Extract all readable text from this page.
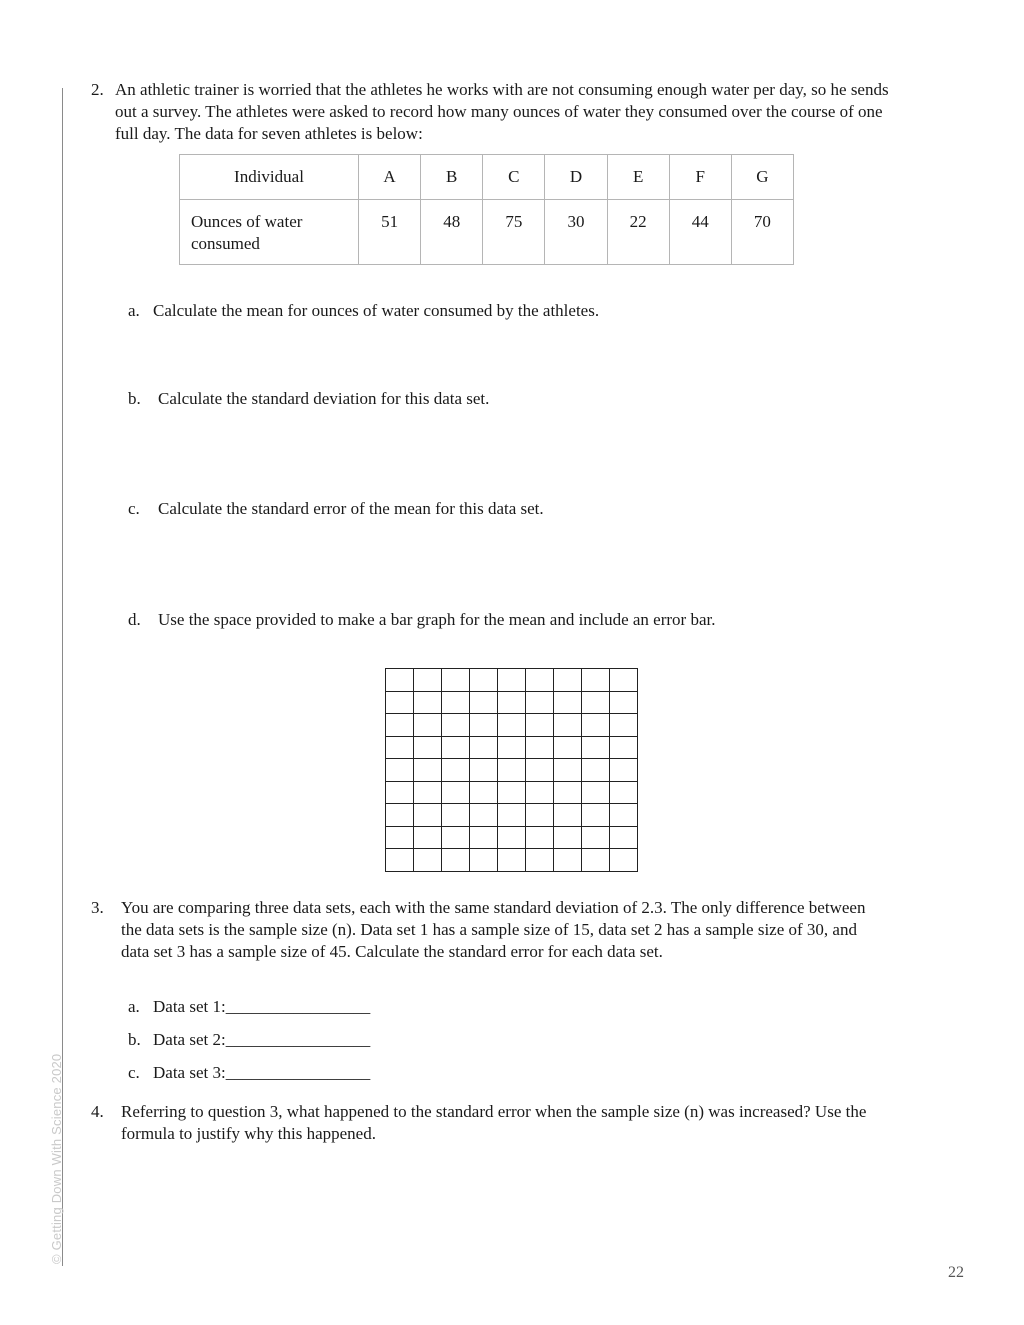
© Getting Down With Science 2020
2. An athletic trainer is worried that the athletes he works with are not consuming enough water per day, so he sends

out a survey. The athletes were asked to record how many ounces of water they consumed over the course of one

full day. The data for seven athletes is below:

Individual	A	B	C	D	E	F	G
Ounces of water
consumed	51	48	75	30	22	44	70
a. Calculate the mean for ounces of water consumed by the athletes.
b. Calculate the standard deviation for this data set.
c. Calculate the standard error of the mean for this data set.
d. Use the space provided to make a bar graph for the mean and include an error bar.
3. You are comparing three data sets, each with the same standard deviation of 2.3. The only difference between

the data sets is the sample size (n). Data set 1 has a sample size of 15, data set 2 has a sample size of 30, and

data set 3 has a sample size of 45. Calculate the standard error for each data set.

a. Data set 1:_________________
b. Data set 2:_________________
c. Data set 3:_________________
4. Referring to question 3, what happened to the standard error when the sample size (n) was increased? Use the

formula to justify why this happened.

22
